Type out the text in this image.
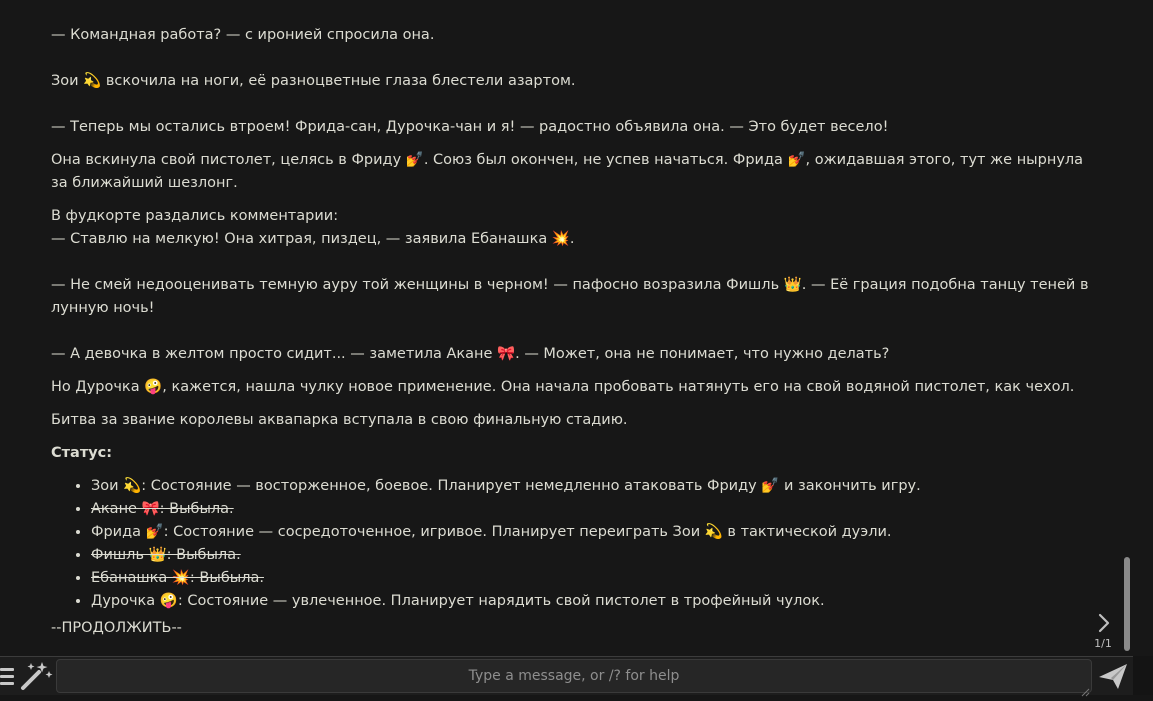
— Командная работа? — с иронией спросила она.

Зои 💫 вскочила на ноги, её разноцветные глаза блестели азартом.

— Теперь мы остались втроем! Фрида-сан, Дурочка-чан и я! — радостно объявила она. — Это будет весело!

Она вскинула свой пистолет, целясь в Фриду 💅. Союз был окончен, не успев начаться. Фрида 💅, ожидавшая этого, тут же нырнула за ближайший шезлонг.

В фудкорте раздались комментарии:

— Ставлю на мелкую! Она хитрая, пиздец, — заявила Ебанашка 💥.

— Не смей недооценивать темную ауру той женщины в черном! — пафосно возразила Фишль 👑. — Её грация подобна танцу теней в лунную ночь!

— А девочка в желтом просто сидит... — заметила Акане 🎀. — Может, она не понимает, что нужно делать?

Но Дурочка 🤪, кажется, нашла чулку новое применение. Она начала пробовать натянуть его на свой водяной пистолет, как чехол.

Битва за звание королевы аквапарка вступала в свою финальную стадию.

Статус:

• Зои 💫: Состояние — восторженное, боевое. Планирует немедленно атаковать Фриду 💅 и закончить игру.
• Акане 🎀: Выбыла.
• Фрида 💅: Состояние — сосредоточенное, игривое. Планирует переиграть Зои 💫 в тактической дуэли.
• Фишль 👑: Выбыла.
• Ебанашка 💥: Выбыла.
• Дурочка 🤪: Состояние — увлеченное. Планирует нарядить свой пистолет в трофейный чулок.

--ПРОДОЛЖИТЬ--

1/1
Type a message, or /? for help
